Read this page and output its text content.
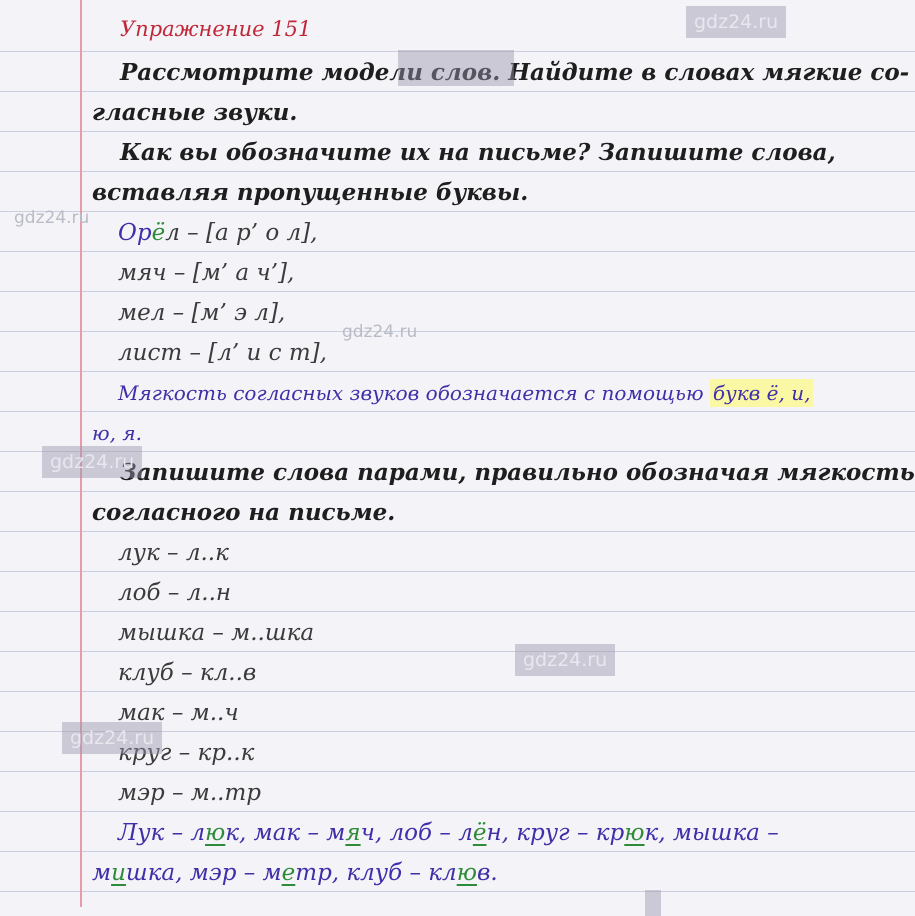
Упражнение 151
Рассмотрите модели слов. Найдите в словах мягкие со-
гласные звуки.
Как вы обозначите их на письме? Запишите слова,
вставляя пропущенные буквы.
Орёл – [а р’ о л],
мяч – [м’ а ч’],
мел – [м’ э л],
лист – [л’ и с т],
Мягкость согласных звуков обозначается с помощью букв ё, и,
ю, я.
Запишите слова парами, правильно обозначая мягкость
согласного на письме.
лук – л..к
лоб – л..н
мышка – м..шка
клуб – кл..в
мак – м..ч
круг – кр..к
мэр – м..тр
Лук – люк, мак – мяч, лоб – лён, круг – крюк, мышка –
мишка, мэр – метр, клуб – клюв.
gdz24.ru
gdz24.ru
gdz24.ru
gdz24.ru
gdz24.ru
gdz24.ru
